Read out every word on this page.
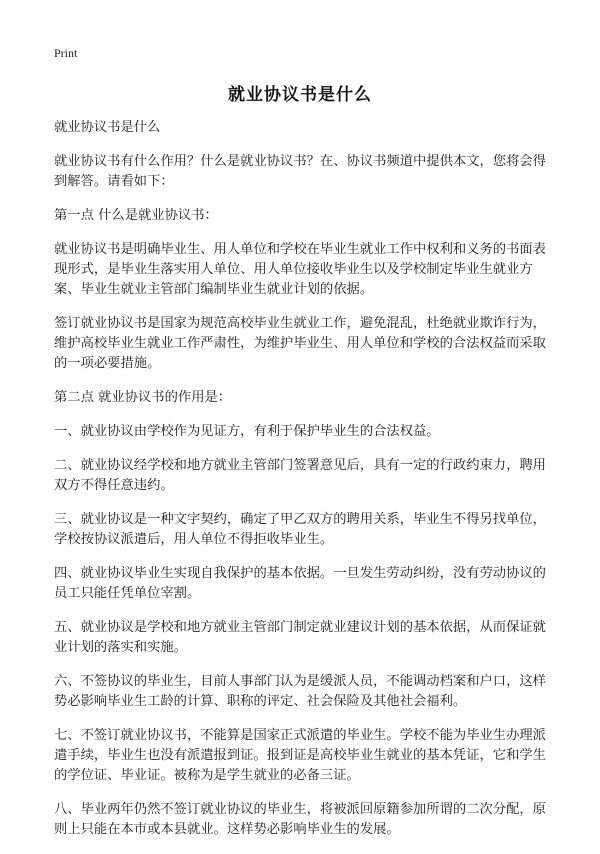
Print
就业协议书是什么

就业协议书是什么

就业协议书有什么作用？什么是就业协议书？在、协议书频道中提供本文，您将会得到解答。请看如下：

第一点 什么是就业协议书：

就业协议书是明确毕业生、用人单位和学校在毕业生就业工作中权利和义务的书面表现形式，是毕业生落实用人单位、用人单位接收毕业生以及学校制定毕业生就业方案、毕业生就业主管部门编制毕业生就业计划的依据。

签订就业协议书是国家为规范高校毕业生就业工作，避免混乱，杜绝就业欺诈行为，维护高校毕业生就业工作严肃性，为维护毕业生、用人单位和学校的合法权益而采取的一项必要措施。

第二点 就业协议书的作用是：

一、就业协议由学校作为见证方，有利于保护毕业生的合法权益。

二、就业协议经学校和地方就业主管部门签署意见后，具有一定的行政约束力，聘用双方不得任意违约。

三、就业协议是一种文字契约，确定了甲乙双方的聘用关系，毕业生不得另找单位，学校按协议派遣后，用人单位不得拒收毕业生。

四、就业协议毕业生实现自我保护的基本依据。一旦发生劳动纠纷，没有劳动协议的员工只能任凭单位宰割。

五、就业协议是学校和地方就业主管部门制定就业建议计划的基本依据，从而保证就业计划的落实和实施。

六、不签协议的毕业生，目前人事部门认为是缓派人员，不能调动档案和户口，这样势必影响毕业生工龄的计算、职称的评定、社会保险及其他社会福利。

七、不签订就业协议书，不能算是国家正式派遣的毕业生。学校不能为毕业生办理派遣手续，毕业生也没有派遣报到证。报到证是高校毕业生就业的基本凭证，它和学生的学位证、毕业证。被称为是学生就业的必备三证。

八、毕业两年仍然不签订就业协议的毕业生，将被派回原籍参加所谓的二次分配，原则上只能在本市或本县就业。这样势必影响毕业生的发展。
